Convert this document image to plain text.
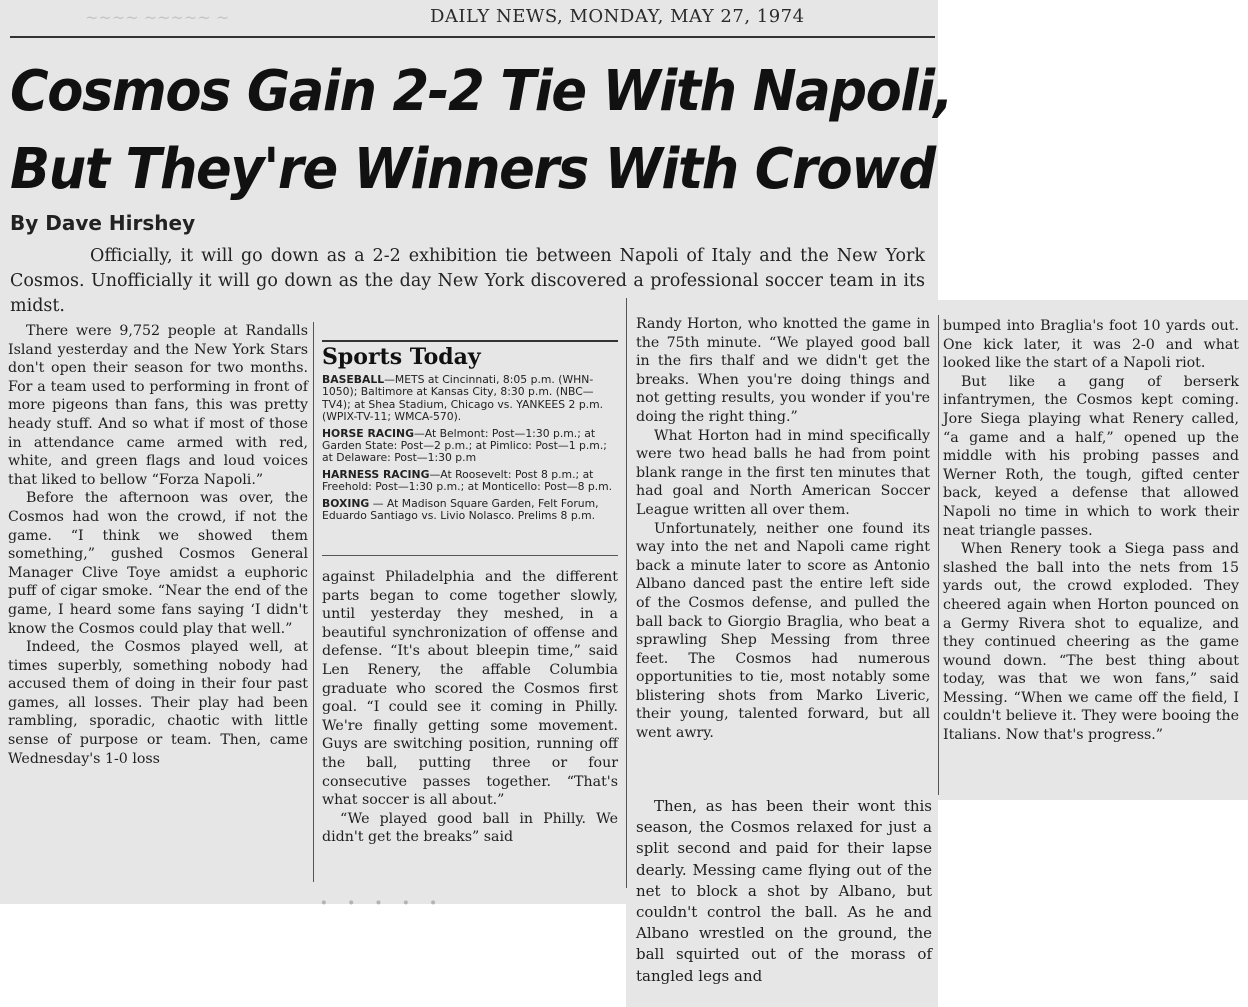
~~~~ ~~~~~ ~	DAILY NEWS, MONDAY, MAY 27, 1974
Cosmos Gain 2-2 Tie With Napoli,
But They're Winners With Crowd
By Dave Hirshey
Officially, it will go down as a 2-2 exhibition tie between Napoli of Italy and the New York Cosmos. Unofficially it will go down as the day New York discovered a professional soccer team in its midst.

There were 9,752 people at Randalls Island yesterday and the New York Stars don't open their season for two months. For a team used to performing in front of more pigeons than fans, this was pretty heady stuff. And so what if most of those in attendance came armed with red, white, and green flags and loud voices that liked to bellow “Forza Napoli.”

Before the afternoon was over, the Cosmos had won the crowd, if not the game. “I think we showed them something,” gushed Cosmos General Manager Clive Toye amidst a euphoric puff of cigar smoke. “Near the end of the game, I heard some fans saying ‘I didn't know the Cosmos could play that well.”

Indeed, the Cosmos played well, at times superbly, something nobody had accused them of doing in their four past games, all losses. Their play had been rambling, sporadic, chaotic with little sense of purpose or team. Then, came Wednesday's 1-0 loss

Sports Today
BASEBALL—METS at Cincinnati, 8:05 p.m. (WHN-1050); Baltimore at Kansas City, 8:30 p.m. (NBC—TV4); at Shea Stadium, Chicago vs. YANKEES 2 p.m. (WPIX-TV-11; WMCA-570).
HORSE RACING—At Belmont: Post—1:30 p.m.; at Garden State: Post—2 p.m.; at Pimlico: Post—1 p.m.; at Delaware: Post—1:30 p.m
HARNESS RACING—At Roosevelt: Post 8 p.m.; at Freehold: Post—1:30 p.m.; at Monticello: Post—8 p.m.
BOXING — At Madison Square Garden, Felt Forum, Eduardo Santiago vs. Livio Nolasco. Prelims 8 p.m.

against Philadelphia and the different parts began to come together slowly, until yesterday they meshed, in a beautiful synchronization of offense and defense. “It's about bleepin time,” said Len Renery, the affable Columbia graduate who scored the Cosmos first goal. “I could see it coming in Philly. We're finally getting some movement. Guys are switching position, running off the ball, putting three or four consecutive passes together. “That's what soccer is all about.”

“We played good ball in Philly. We didn't get the breaks” said

Randy Horton, who knotted the game in the 75th minute. “We played good ball in the firs thalf and we didn't get the breaks. When you're doing things and not getting results, you wonder if you're doing the right thing.”

What Horton had in mind specifically were two head balls he had from point blank range in the first ten minutes that had goal and North American Soccer League written all over them.

Unfortunately, neither one found its way into the net and Napoli came right back a minute later to score as Antonio Albano danced past the entire left side of the Cosmos defense, and pulled the ball back to Giorgio Braglia, who beat a sprawling Shep Messing from three feet. The Cosmos had numerous opportunities to tie, most notably some blistering shots from Marko Liveric, their young, talented forward, but all went awry.

Then, as has been their wont this season, the Cosmos relaxed for just a split second and paid for their lapse dearly. Messing came flying out of the net to block a shot by Albano, but couldn't control the ball. As he and Albano wrestled on the ground, the ball squirted out of the morass of tangled legs and

bumped into Braglia's foot 10 yards out. One kick later, it was 2-0 and what looked like the start of a Napoli riot.

But like a gang of berserk infantrymen, the Cosmos kept coming. Jore Siega playing what Renery called, “a game and a half,” opened up the middle with his probing passes and Werner Roth, the tough, gifted center back, keyed a defense that allowed Napoli no time in which to work their neat triangle passes.

When Renery took a Siega pass and slashed the ball into the nets from 15 yards out, the crowd exploded. They cheered again when Horton pounced on a Germy Rivera shot to equalize, and they continued cheering as the game wound down. “The best thing about today, was that we won fans,” said Messing. “When we came off the field, I couldn't believe it. They were booing the Italians. Now that's progress.”

· · · · ·
